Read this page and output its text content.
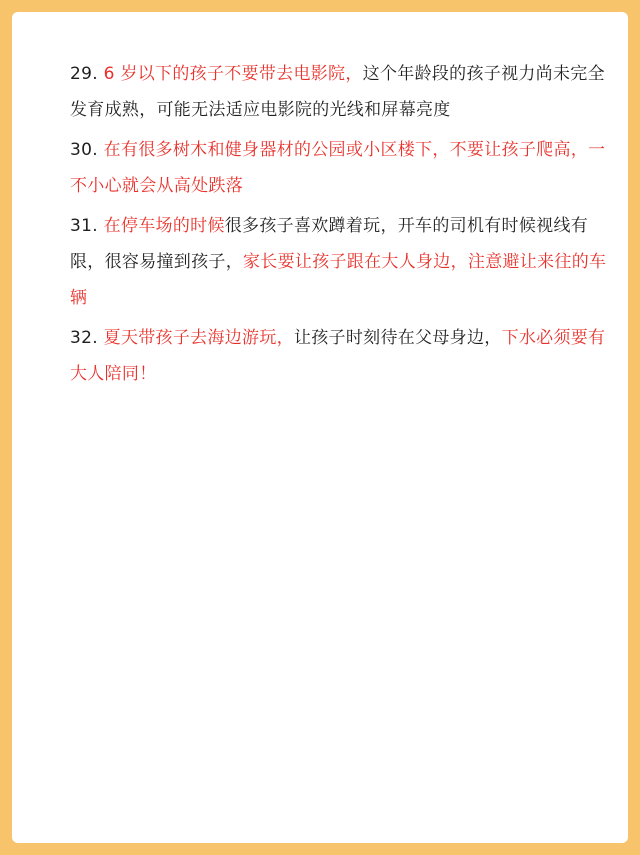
29. 6 岁以下的孩子不要带去电影院，这个年龄段的孩子视力尚未完全发育成熟，可能无法适应电影院的光线和屏幕亮度

30. 在有很多树木和健身器材的公园或小区楼下，不要让孩子爬高，一不小心就会从高处跌落

31. 在停车场的时候很多孩子喜欢蹲着玩，开车的司机有时候视线有限，很容易撞到孩子，家长要让孩子跟在大人身边，注意避让来往的车辆

32. 夏天带孩子去海边游玩，让孩子时刻待在父母身边，下水必须要有大人陪同！
